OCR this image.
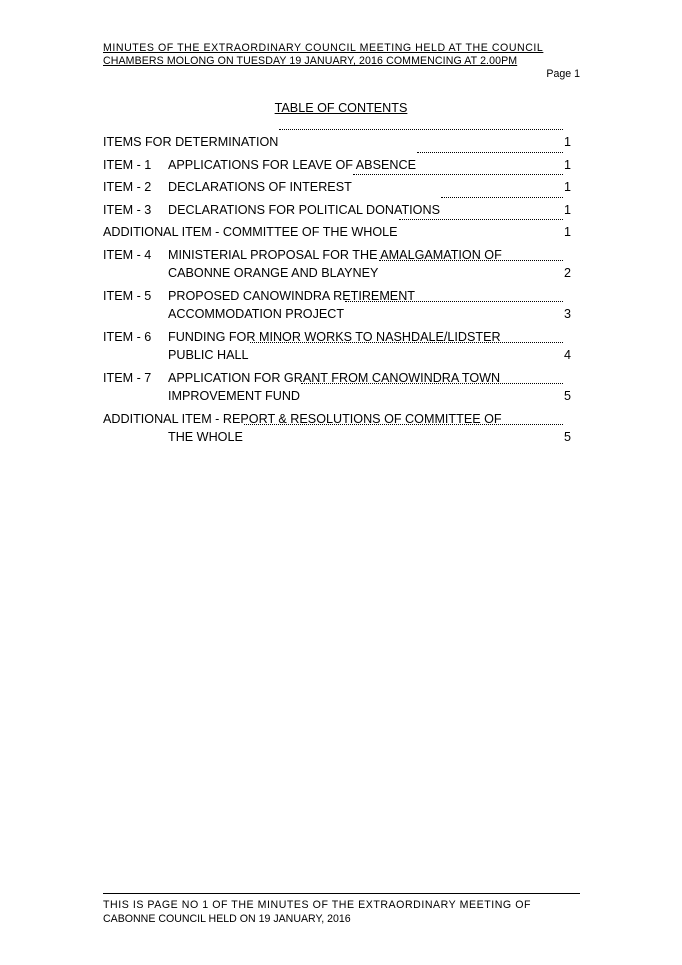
MINUTES OF THE EXTRAORDINARY COUNCIL MEETING HELD AT THE COUNCIL
CHAMBERS MOLONG ON TUESDAY 19 JANUARY, 2016 COMMENCING AT 2.00PM
Page 1
TABLE OF CONTENTS
ITEMS FOR DETERMINATION	1
ITEM - 1	APPLICATIONS FOR LEAVE OF ABSENCE	1
ITEM - 2	DECLARATIONS OF INTEREST	1
ITEM - 3	DECLARATIONS FOR POLITICAL DONATIONS	1
ADDITIONAL ITEM - COMMITTEE OF THE WHOLE	1
ITEM - 4	MINISTERIAL PROPOSAL FOR THE AMALGAMATION OF
CABONNE ORANGE AND BLAYNEY	2
ITEM - 5	PROPOSED CANOWINDRA RETIREMENT
ACCOMMODATION PROJECT	3
ITEM - 6	FUNDING FOR MINOR WORKS TO NASHDALE/LIDSTER
PUBLIC HALL	4
ITEM - 7	APPLICATION FOR GRANT FROM CANOWINDRA TOWN
IMPROVEMENT FUND	5
ADDITIONAL ITEM - REPORT & RESOLUTIONS OF COMMITTEE OF
THE WHOLE	5
THIS IS PAGE NO 1 OF THE MINUTES OF THE EXTRAORDINARY MEETING OF
CABONNE COUNCIL HELD ON 19 JANUARY, 2016
